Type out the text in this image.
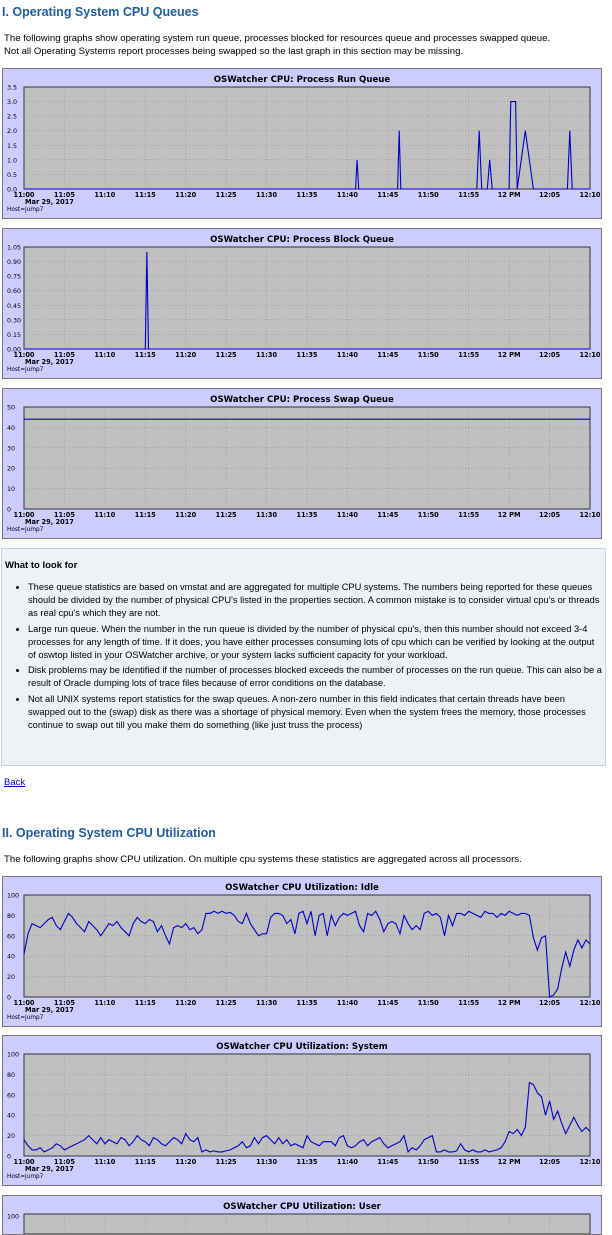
I. Operating System CPU Queues
The following graphs show operating system run queue, processes blocked for resources queue and processes swapped queue.
Not all Operating Systems report processes being swapped so the last graph in this section may be missing.
OSWatcher CPU: Process Run Queue
0.0
0.5
1.0
1.5
2.0
2.5
3.0
3.5
11:00	11:05	11:10	11:15	11:20	11:25	11:30	11:35	11:40	11:45	11:50	11:55	12 PM	12:05	12:10
Mar 29, 2017
Host=jump7
OSWatcher CPU: Process Block Queue
0.00
0.15
0.30
0.45
0.60
0.75
0.90
1.05
11:00	11:05	11:10	11:15	11:20	11:25	11:30	11:35	11:40	11:45	11:50	11:55	12 PM	12:05	12:10
Mar 29, 2017
Host=jump7
OSWatcher CPU: Process Swap Queue
0
10
20
30
40
50
11:00	11:05	11:10	11:15	11:20	11:25	11:30	11:35	11:40	11:45	11:50	11:55	12 PM	12:05	12:10
Mar 29, 2017
Host=jump7
What to look for
• These queue statistics are based on vmstat and are aggregated for multiple CPU systems. The numbers being reported for these queues should be divided by the number of physical CPU's listed in the properties section. A common mistake is to consider virtual cpu's or threads as real cpu's which they are not.
• Large run queue. When the number in the run queue is divided by the number of physical cpu's, then this number should not exceed 3-4 processes for any length of time. If it does, you have either processes consuming lots of cpu which can be verified by looking at the output of oswtop listed in your OSWatcher archive, or your system lacks sufficient capacity for your workload.
• Disk problems may be identified if the number of processes blocked exceeds the number of processes on the run queue. This can also be a result of Oracle dumping lots of trace files because of error conditions on the database.
• Not all UNIX systems report statistics for the swap queues. A non-zero number in this field indicates that certain threads have been swapped out to the (swap) disk as there was a shortage of physical memory. Even when the system frees the memory, those processes continue to swap out till you make them do something (like just truss the process)
Back
II. Operating System CPU Utilization
The following graphs show CPU utilization. On multiple cpu systems these statistics are aggregated across all processors.
OSWatcher CPU Utilization: Idle
0
20
40
60
80
100
11:00	11:05	11:10	11:15	11:20	11:25	11:30	11:35	11:40	11:45	11:50	11:55	12 PM	12:05	12:10
Mar 29, 2017
Host=jump7
OSWatcher CPU Utilization: System
0
20
40
60
80
100
11:00	11:05	11:10	11:15	11:20	11:25	11:30	11:35	11:40	11:45	11:50	11:55	12 PM	12:05	12:10
Mar 29, 2017
Host=jump7
OSWatcher CPU Utilization: User
100
